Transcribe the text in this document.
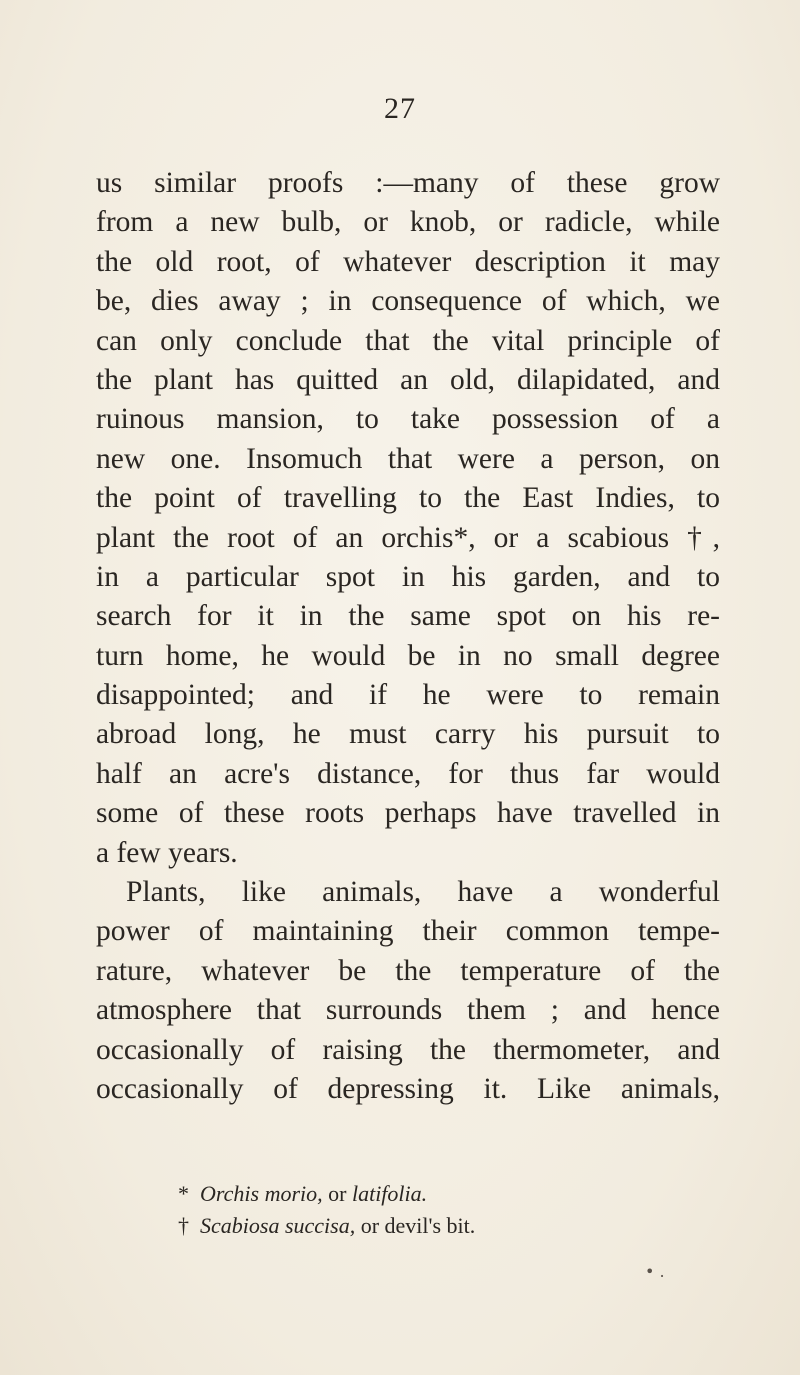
27
us similar proofs :—many of these grow
from a new bulb, or knob, or radicle, while
the old root, of whatever description it may
be, dies away ; in consequence of which, we
can only conclude that the vital principle of
the plant has quitted an old, dilapidated, and
ruinous mansion, to take possession of a
new one. Insomuch that were a person, on
the point of travelling to the East Indies, to
plant the root of an orchis*, or a scabious †,
in a particular spot in his garden, and to
search for it in the same spot on his re-
turn home, he would be in no small degree
disappointed; and if he were to remain
abroad long, he must carry his pursuit to
half an acre's distance, for thus far would
some of these roots perhaps have travelled in
a few years.
Plants, like animals, have a wonderful
power of maintaining their common tempe-
rature, whatever be the temperature of the
atmosphere that surrounds them ; and hence
occasionally of raising the thermometer, and
occasionally of depressing it. Like animals,
* Orchis morio, or latifolia.
† Scabiosa succisa, or devil's bit.
• .
